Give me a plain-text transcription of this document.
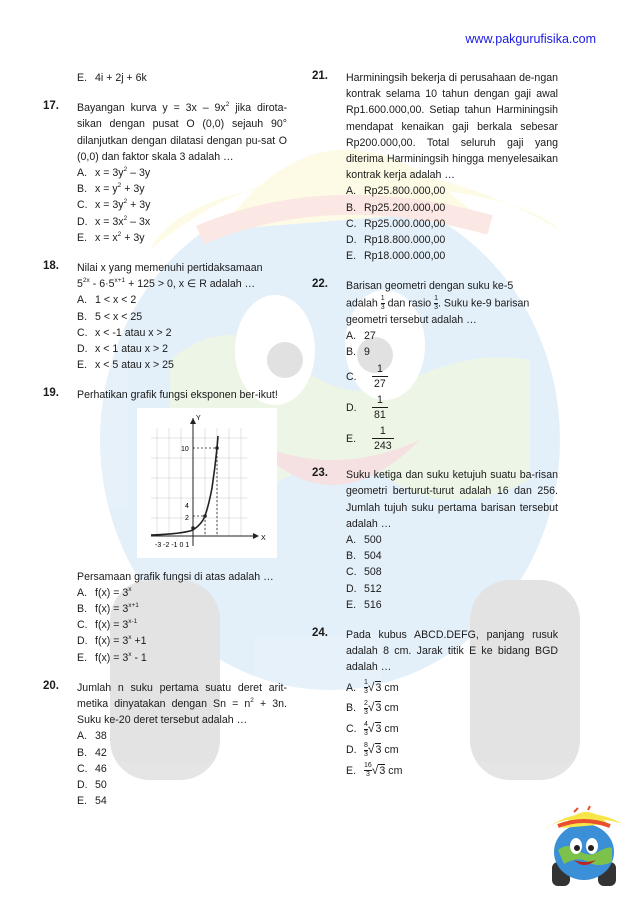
www.pakgurufisika.com
E. 4i + 2j + 6k
17. Bayangan kurva $y = 3x - 9x^2$ jika dirota-sikan dengan pusat O (0,0) sejauh 90° dilanjutkan dengan dilatasi dengan pu-sat O (0,0) dan faktor skala 3 adalah …
A. $x = 3y^2 - 3y$
B. $x = y^2 + 3y$
C. $x = 3y^2 + 3y$
D. $x = 3x^2 - 3x$
E. $x = x^2 + 3y$
18. Nilai x yang memenuhi pertidaksamaan
$5^{2x} - 6\cdot 5^{x+1} + 125 > 0$, x ∈ R adalah …
A. 1 < x < 2
B. 5 < x < 25
C. x < -1 atau x > 2
D. x < 1 atau x > 2
E. x < 5 atau x > 25
19. Perhatikan grafik fungsi eksponen ber-ikut!
10
4
2
-3 -2 -1 0 1
X
Y
Persamaan grafik fungsi di atas adalah …
A. $f(x) = 3^x$
B. $f(x) = 3^{x+1}$
C. $f(x) = 3^{x-1}$
D. $f(x) = 3^x +1$
E. $f(x) = 3^x - 1$
20. Jumlah n suku pertama suatu deret arit-metika dinyatakan dengan $Sn = n^2 + 3n$. Suku ke-20 deret tersebut adalah …
A. 38
B. 42
C. 46
D. 50
E. 54
21. Harminingsih bekerja di perusahaan de-ngan kontrak selama 10 tahun dengan gaji awal Rp1.600.000,00. Setiap tahun Harminingsih mendapat kenaikan gaji berkala sebesar Rp200.000,00. Total seluruh gaji yang diterima Harminingsih hingga menyelesaikan kontrak kerja adalah …
A. Rp25.800.000,00
B. Rp25.200.000,00
C. Rp25.000.000,00
D. Rp18.800.000,00
E. Rp18.000.000,00
22. Barisan geometri dengan suku ke-5
adalah $\frac{1}{3}$ dan rasio $\frac{1}{3}$. Suku ke-9 barisan
geometri tersebut adalah …
A. 27
B. 9
C. $\frac{1}{27}$
D. $\frac{1}{81}$
E. $\frac{1}{243}$
23. Suku ketiga dan suku ketujuh suatu ba-risan geometri berturut-turut adalah 16 dan 256. Jumlah tujuh suku pertama barisan tersebut adalah …
A. 500
B. 504
C. 508
D. 512
E. 516
24. Pada kubus ABCD.DEFG, panjang rusuk adalah 8 cm. Jarak titik E ke bidang BGD adalah …
A. $\frac{1}{3}√3$ cm
B. $\frac{2}{3}√3$ cm
C. $\frac{4}{3}√3$ cm
D. $\frac{8}{3}√3$ cm
E. $\frac{16}{3}√3$ cm
